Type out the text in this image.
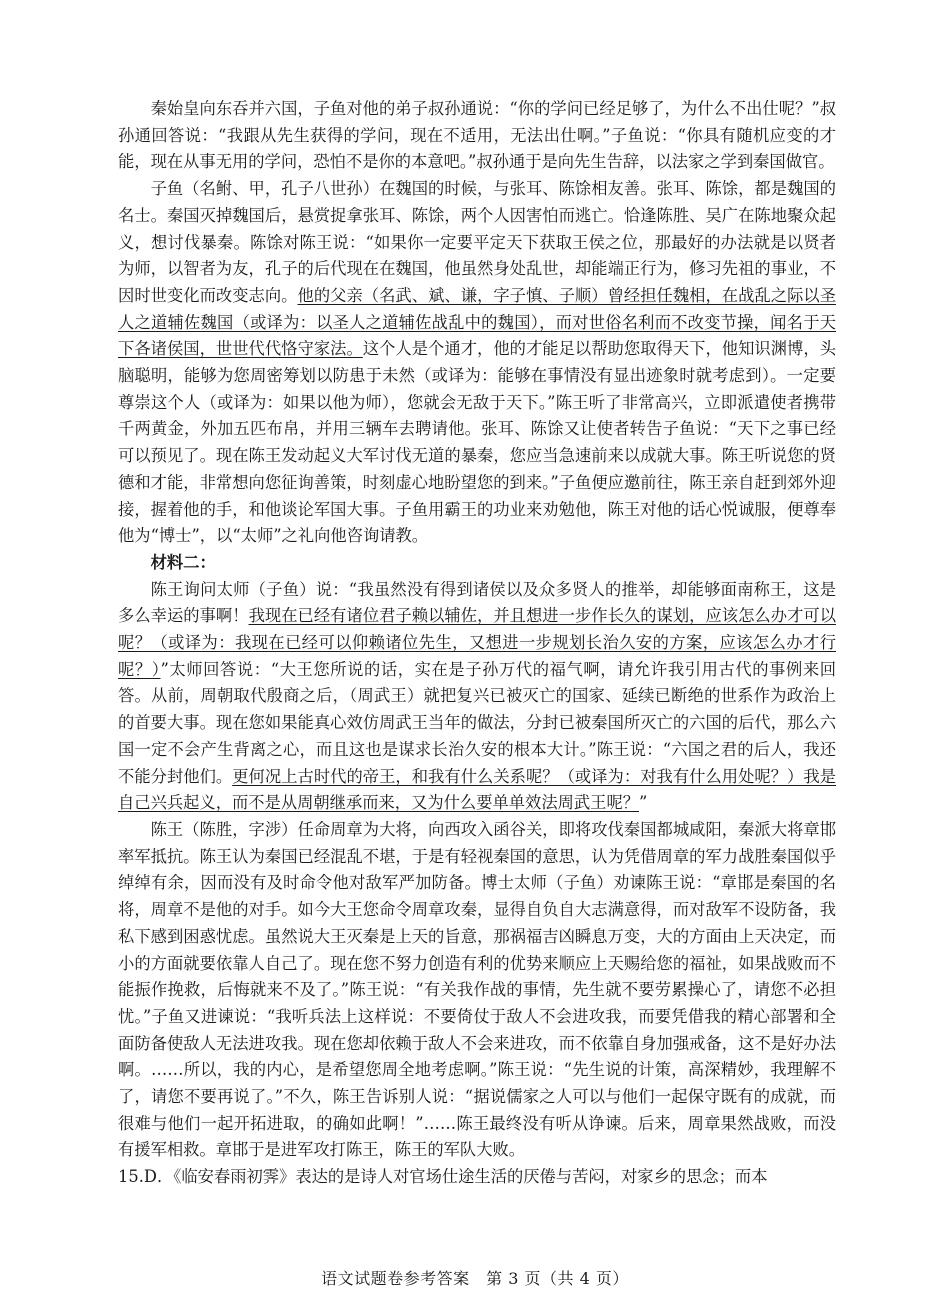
秦始皇向东吞并六国，子鱼对他的弟子叔孙通说：“你的学问已经足够了，为什么不出仕呢？”叔孙通回答说：“我跟从先生获得的学问，现在不适用，无法出仕啊。”子鱼说：“你具有随机应变的才能，现在从事无用的学问，恐怕不是你的本意吧。”叔孙通于是向先生告辞，以法家之学到秦国做官。

子鱼（名鲋、甲，孔子八世孙）在魏国的时候，与张耳、陈馀相友善。张耳、陈馀，都是魏国的名士。秦国灭掉魏国后，悬赏捉拿张耳、陈馀，两个人因害怕而逃亡。恰逢陈胜、吴广在陈地聚众起义，想讨伐暴秦。陈馀对陈王说：“如果你一定要平定天下获取王侯之位，那最好的办法就是以贤者为师，以智者为友，孔子的后代现在在魏国，他虽然身处乱世，却能端正行为，修习先祖的事业，不因时世变化而改变志向。他的父亲（名武、斌、谦，字子慎、子顺）曾经担任魏相，在战乱之际以圣人之道辅佐魏国（或译为：以圣人之道辅佐战乱中的魏国），而对世俗名利而不改变节操，闻名于天下各诸侯国，世世代代恪守家法。这个人是个通才，他的才能足以帮助您取得天下，他知识渊博，头脑聪明，能够为您周密筹划以防患于未然（或译为：能够在事情没有显出迹象时就考虑到）。一定要尊崇这个人（或译为：如果以他为师），您就会无敌于天下。”陈王听了非常高兴，立即派遣使者携带千两黄金，外加五匹布帛，并用三辆车去聘请他。张耳、陈馀又让使者转告子鱼说：“天下之事已经可以预见了。现在陈王发动起义大军讨伐无道的暴秦，您应当急速前来以成就大事。陈王听说您的贤德和才能，非常想向您征询善策，时刻虚心地盼望您的到来。”子鱼便应邀前往，陈王亲自赶到郊外迎接，握着他的手，和他谈论军国大事。子鱼用霸王的功业来劝勉他，陈王对他的话心悦诚服，便尊奉他为“博士”，以“太师”之礼向他咨询请教。

材料二：

陈王询问太师（子鱼）说：“我虽然没有得到诸侯以及众多贤人的推举，却能够面南称王，这是多么幸运的事啊！我现在已经有诸位君子赖以辅佐，并且想进一步作长久的谋划，应该怎么办才可以呢？（或译为：我现在已经可以仰赖诸位先生，又想进一步规划长治久安的方案，应该怎么办才行呢？）”太师回答说：“大王您所说的话，实在是子孙万代的福气啊，请允许我引用古代的事例来回答。从前，周朝取代殷商之后，（周武王）就把复兴已被灭亡的国家、延续已断绝的世系作为政治上的首要大事。现在您如果能真心效仿周武王当年的做法，分封已被秦国所灭亡的六国的后代，那么六国一定不会产生背离之心，而且这也是谋求长治久安的根本大计。”陈王说：“六国之君的后人，我还不能分封他们。更何况上古时代的帝王，和我有什么关系呢？（或译为：对我有什么用处呢？）我是自己兴兵起义，而不是从周朝继承而来，又为什么要单单效法周武王呢？”

陈王（陈胜，字涉）任命周章为大将，向西攻入函谷关，即将攻伐秦国都城咸阳，秦派大将章邯率军抵抗。陈王认为秦国已经混乱不堪，于是有轻视秦国的意思，认为凭借周章的军力战胜秦国似乎绰绰有余，因而没有及时命令他对敌军严加防备。博士太师（子鱼）劝谏陈王说：“章邯是秦国的名将，周章不是他的对手。如今大王您命令周章攻秦，显得自负自大志满意得，而对敌军不设防备，我私下感到困惑忧虑。虽然说大王灭秦是上天的旨意，那祸福吉凶瞬息万变，大的方面由上天决定，而小的方面就要依靠人自己了。现在您不努力创造有利的优势来顺应上天赐给您的福祉，如果战败而不能振作挽救，后悔就来不及了。”陈王说：“有关我作战的事情，先生就不要劳累操心了，请您不必担忧。”子鱼又进谏说：“我听兵法上这样说：不要倚仗于敌人不会进攻我，而要凭借我的精心部署和全面防备使敌人无法进攻我。现在您却依赖于敌人不会来进攻，而不依靠自身加强戒备，这不是好办法啊。……所以，我的内心，是希望您周全地考虑啊。”陈王说：“先生说的计策，高深精妙，我理解不了，请您不要再说了。”不久，陈王告诉别人说：“据说儒家之人可以与他们一起保守既有的成就，而很难与他们一起开拓进取，的确如此啊！”……陈王最终没有听从诤谏。后来，周章果然战败，而没有援军相救。章邯于是进军攻打陈王，陈王的军队大败。

15.D．《临安春雨初霁》表达的是诗人对官场仕途生活的厌倦与苦闷，对家乡的思念；而本

语文试题卷参考答案　第 3 页（共 4 页）
